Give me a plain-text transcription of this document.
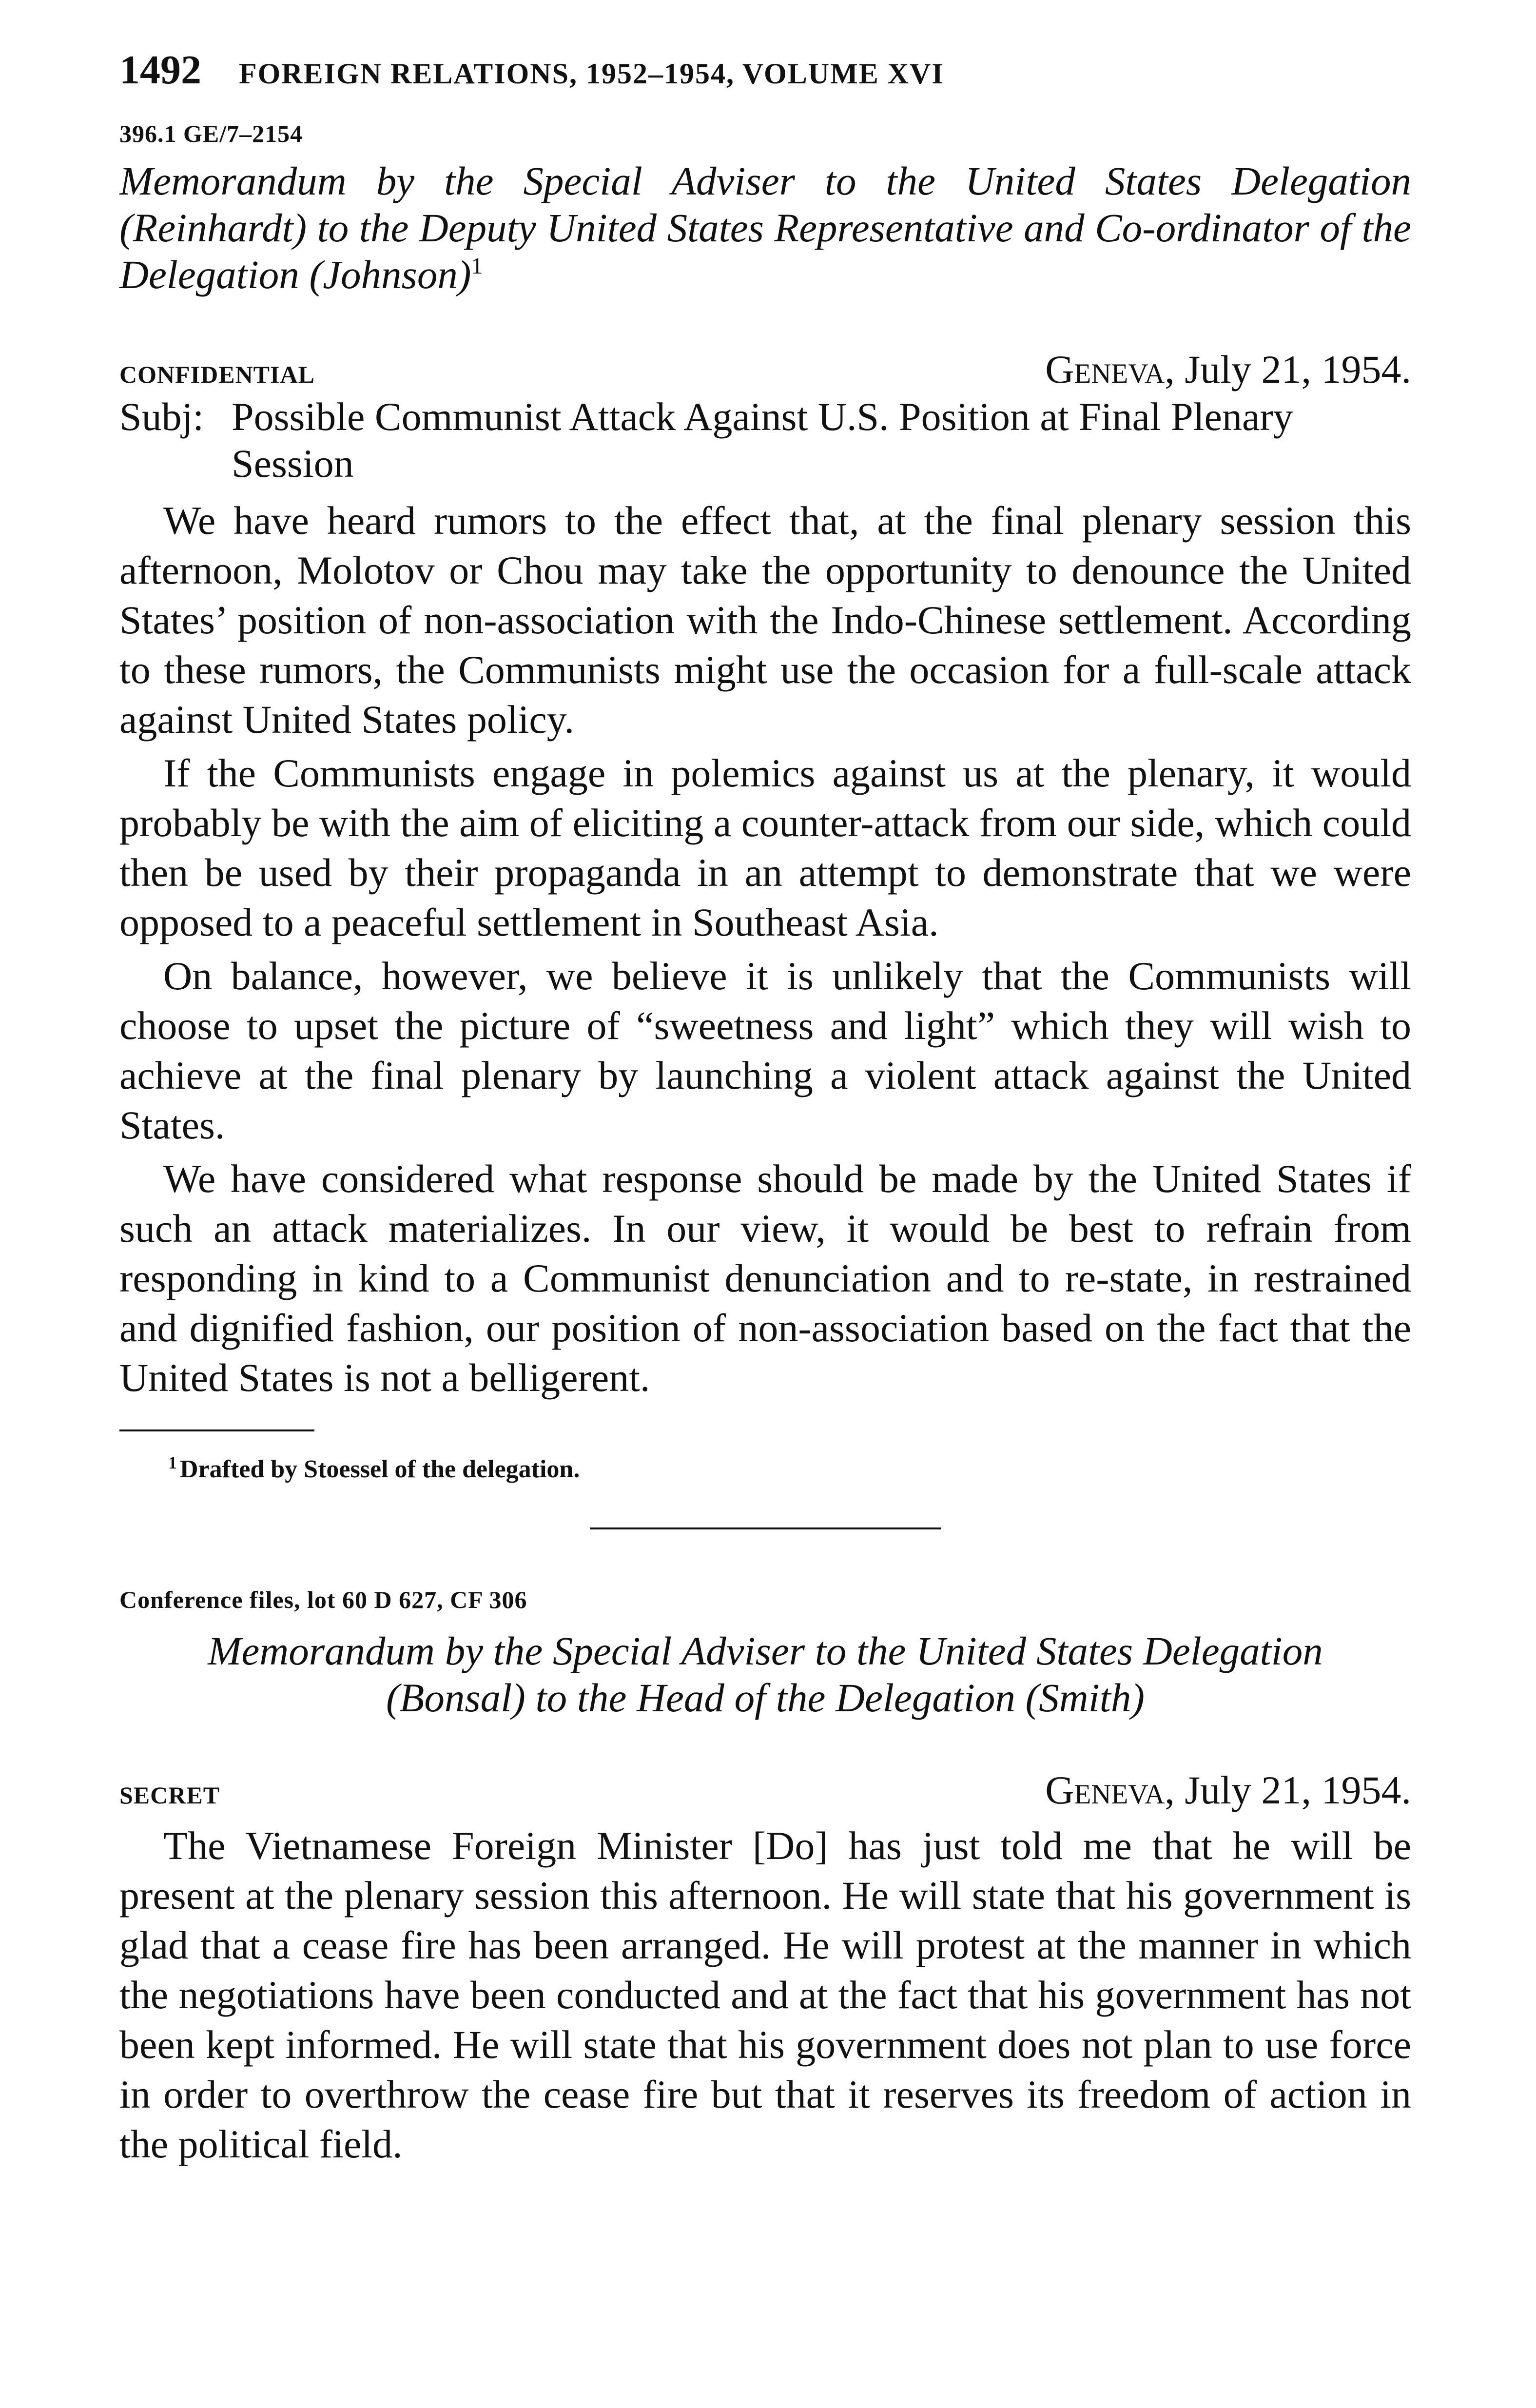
1492	FOREIGN RELATIONS, 1952–1954, VOLUME XVI
396.1 GE/7–2154
Memorandum by the Special Adviser to the United States Delegation (Reinhardt) to the Deputy United States Representative and Co-ordinator of the Delegation (Johnson)$^1$
CONFIDENTIAL	Geneva, July 21, 1954.
Subj: Possible Communist Attack Against U.S. Position at Final Plenary Session

We have heard rumors to the effect that, at the final plenary session this afternoon, Molotov or Chou may take the opportunity to denounce the United States’ position of non-association with the Indo-Chinese settlement. According to these rumors, the Communists might use the occasion for a full-scale attack against United States policy.

If the Communists engage in polemics against us at the plenary, it would probably be with the aim of eliciting a counter-attack from our side, which could then be used by their propaganda in an attempt to demonstrate that we were opposed to a peaceful settlement in Southeast Asia.

On balance, however, we believe it is unlikely that the Communists will choose to upset the picture of “sweetness and light” which they will wish to achieve at the final plenary by launching a violent attack against the United States.

We have considered what response should be made by the United States if such an attack materializes. In our view, it would be best to refrain from responding in kind to a Communist denunciation and to re-state, in restrained and dignified fashion, our position of non-association based on the fact that the United States is not a belligerent.

$^1$ Drafted by Stoessel of the delegation.
Conference files, lot 60 D 627, CF 306
Memorandum by the Special Adviser to the United States Delegation
(Bonsal) to the Head of the Delegation (Smith)
SECRET	Geneva, July 21, 1954.

The Vietnamese Foreign Minister [Do] has just told me that he will be present at the plenary session this afternoon. He will state that his government is glad that a cease fire has been arranged. He will protest at the manner in which the negotiations have been conducted and at the fact that his government has not been kept informed. He will state that his government does not plan to use force in order to overthrow the cease fire but that it reserves its freedom of action in the political field.
